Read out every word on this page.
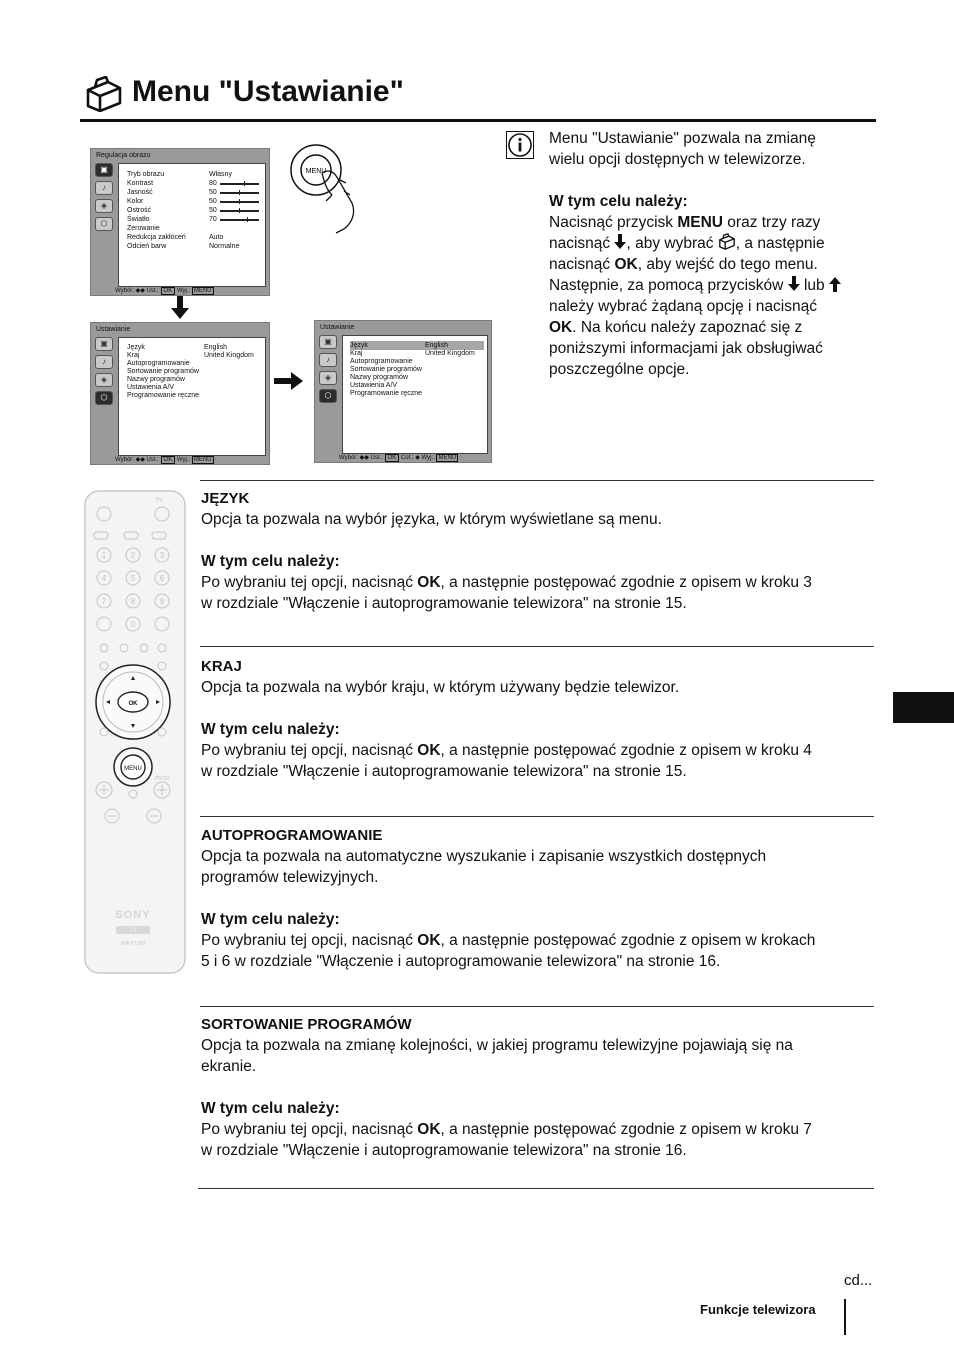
Menu "Ustawianie"
Regulacja obrazu
▣
♪
◈
⬡
Tryb obrazu	Własny
Kontrast	80
Jasność	50
Kolor	50
Ostrość	50
Światło	70
Zerowanie
Redukcja zakłóceń	Auto
Odcień barw	Normalne
Wybór: ◆◆ Ust.: OK Wyj.: MENU
MENU
Ustawianie
▣
♪
◈
⬡
Język	English
Kraj	United Kingdom
Autoprogramowanie
Sortowanie programów
Nazwy programów
Ustawienia A/V
Programowanie ręczne
Wybór: ◆◆ Ust.: OK Wyj.: MENU
Ustawianie
▣
♪
◈
⬡
Język	English
Kraj	United Kingdom
Autoprogramowanie
Sortowanie programów
Nazwy programów
Ustawienia A/V
Programowanie ręczne
Wybór: ◆◆ Ust.: OK Cof.: ◆ Wyj.: MENU
Menu "Ustawianie" pozwala na zmianę
wielu opcji dostępnych w telewizorze.
W tym celu należy:
Nacisnąć przycisk MENU oraz trzy razy
nacisnąć , aby wybrać , a następnie
nacisnąć OK, aby wejść do tego menu.
Następnie, za pomocą przycisków  lub
należy wybrać żądaną opcję i nacisnąć
OK. Na końcu należy zapoznać się z
poniższymi informacjami jak obsługiwać
poszczególne opcje.
1	2	3
4	5	6
7	8	9
0
TV
OK
MENU
PROG
SONY
TV
RM-YT168
JĘZYK
Opcja ta pozwala na wybór języka, w którym wyświetlane są menu.
W tym celu należy:
Po wybraniu tej opcji, nacisnąć OK, a następnie postępować zgodnie z opisem w kroku 3
w rozdziale "Włączenie i autoprogramowanie telewizora" na stronie 15.
KRAJ
Opcja ta pozwala na wybór kraju, w którym używany będzie telewizor.
W tym celu należy:
Po wybraniu tej opcji, nacisnąć OK, a następnie postępować zgodnie z opisem w kroku 4
w rozdziale "Włączenie i autoprogramowanie telewizora" na stronie 15.
AUTOPROGRAMOWANIE
Opcja ta pozwala na automatyczne wyszukanie i zapisanie wszystkich dostępnych
programów telewizyjnych.
W tym celu należy:
Po wybraniu tej opcji, nacisnąć OK, a następnie postępować zgodnie z opisem w krokach
5 i 6 w rozdziale "Włączenie i autoprogramowanie telewizora" na stronie 16.
SORTOWANIE PROGRAMÓW
Opcja ta pozwala na zmianę kolejności, w jakiej programu telewizyjne pojawiają się na
ekranie.
W tym celu należy:
Po wybraniu tej opcji, nacisnąć OK, a następnie postępować zgodnie z opisem w kroku 7
w rozdziale "Włączenie i autoprogramowanie telewizora" na stronie 16.
cd...
Funkcje telewizora
